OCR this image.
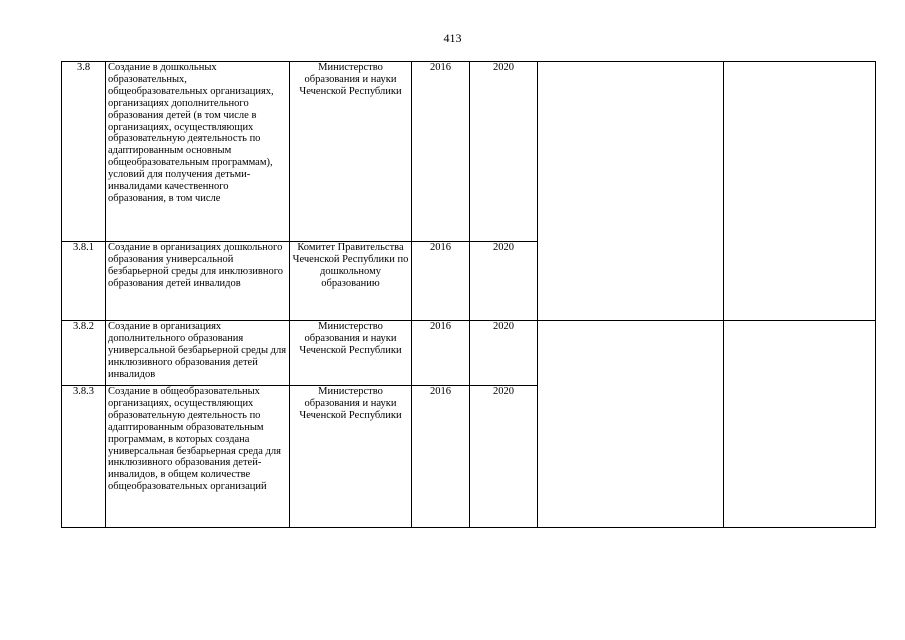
413
3.8	Создание в дошкольных образовательных, общеобразовательных организациях, организациях дополнительного образования детей (в том числе в организациях, осуществляющих образовательную деятельность по адаптированным основным общеобразовательным программам), условий для получения детьми-инвалидами качественного образования, в том числе	Министерство образования и науки Чеченской Республики	2016	2020		
3.8.1	Создание в организациях дошкольного образования универсальной безбарьерной среды для инклюзивного образования детей инвалидов	Комитет Правительства Чеченской Республики по дошкольному образованию	2016	2020		
3.8.2	Создание в организациях дополнительного образования универсальной безбарьерной среды для инклюзивного образования детей инвалидов	Министерство образования и науки Чеченской Республики	2016	2020		
3.8.3	Создание в общеобразовательных организациях, осуществляющих образовательную деятельность по адаптированным образовательным программам, в которых создана универсальная безбарьерная среда для инклюзивного образования детей-инвалидов, в общем количестве общеобразовательных организаций	Министерство образования и науки Чеченской Республики	2016	2020		
